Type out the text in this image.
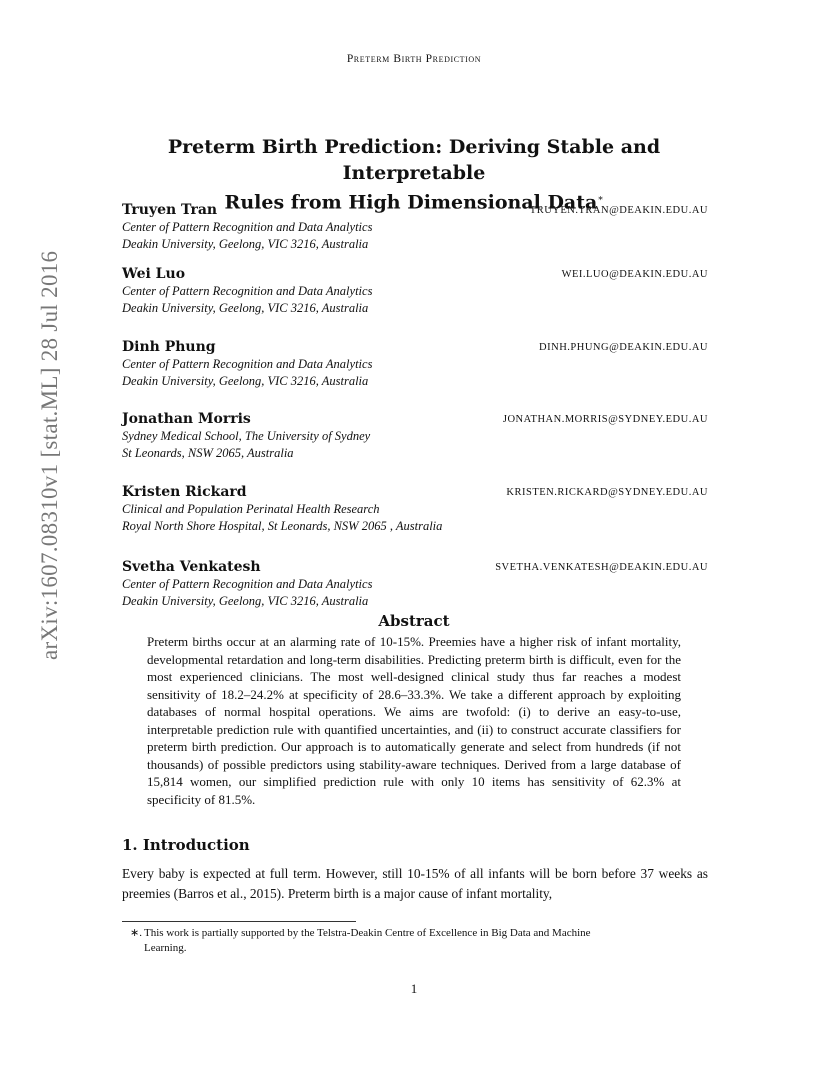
Preterm Birth Prediction
Preterm Birth Prediction: Deriving Stable and Interpretable
Rules from High Dimensional Data∗
Truyen Tran	TRUYEN.TRAN@DEAKIN.EDU.AU
Center of Pattern Recognition and Data Analytics
Deakin University, Geelong, VIC 3216, Australia
Wei Luo	WEI.LUO@DEAKIN.EDU.AU
Center of Pattern Recognition and Data Analytics
Deakin University, Geelong, VIC 3216, Australia
Dinh Phung	DINH.PHUNG@DEAKIN.EDU.AU
Center of Pattern Recognition and Data Analytics
Deakin University, Geelong, VIC 3216, Australia
Jonathan Morris	JONATHAN.MORRIS@SYDNEY.EDU.AU
Sydney Medical School, The University of Sydney
St Leonards, NSW 2065, Australia
Kristen Rickard	KRISTEN.RICKARD@SYDNEY.EDU.AU
Clinical and Population Perinatal Health Research
Royal North Shore Hospital, St Leonards, NSW 2065 , Australia
Svetha Venkatesh	SVETHA.VENKATESH@DEAKIN.EDU.AU
Center of Pattern Recognition and Data Analytics
Deakin University, Geelong, VIC 3216, Australia
arXiv:1607.08310v1 [stat.ML] 28 Jul 2016	Abstract
Preterm births occur at an alarming rate of 10-15%. Preemies have a higher risk of infant mortality, developmental retardation and long-term disabilities. Predicting preterm birth is difficult, even for the most experienced clinicians. The most well-designed clinical study thus far reaches a modest sensitivity of 18.2–24.2% at specificity of 28.6–33.3%. We take a different approach by exploiting databases of normal hospital operations. We aims are twofold: (i) to derive an easy-to-use, interpretable prediction rule with quantified uncertainties, and (ii) to construct accurate classifiers for preterm birth prediction. Our approach is to automatically generate and select from hundreds (if not thousands) of possible predictors using stability-aware techniques. Derived from a large database of 15,814 women, our simplified prediction rule with only 10 items has sensitivity of 62.3% at specificity of 81.5%.
1. Introduction
Every baby is expected at full term. However, still 10-15% of all infants will be born before 37 weeks as preemies (Barros et al., 2015). Preterm birth is a major cause of infant mortality,
∗. This work is partially supported by the Telstra-Deakin Centre of Excellence in Big Data and Machine
Learning.
1
